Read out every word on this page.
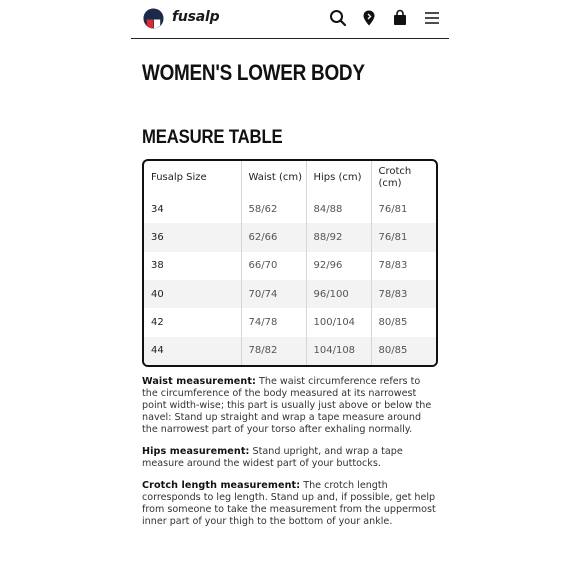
fusalp
WOMEN'S LOWER BODY
MEASURE TABLE
Fusalp Size	Waist (cm)	Hips (cm)	Crotch (cm)
34	58/62	84/88	76/81
36	62/66	88/92	76/81
38	66/70	92/96	78/83
40	70/74	96/100	78/83
42	74/78	100/104	80/85
44	78/82	104/108	80/85

Waist measurement: The waist circumference refers to the circumference of the body measured at its narrowest point width-wise; this part is usually just above or below the navel: Stand up straight and wrap a tape measure around the narrowest part of your torso after exhaling normally.

Hips measurement: Stand upright, and wrap a tape measure around the widest part of your buttocks.

Crotch length measurement: The crotch length corresponds to leg length. Stand up and, if possible, get help from someone to take the measurement from the uppermost inner part of your thigh to the bottom of your ankle.
